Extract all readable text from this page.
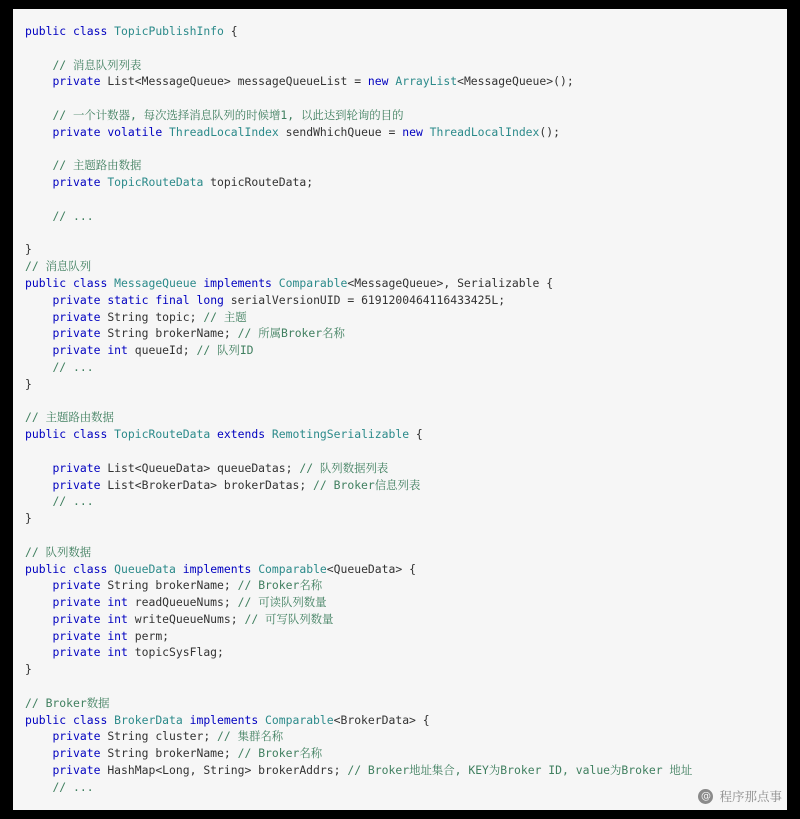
public class TopicPublishInfo {

// 消息队列列表
private List<MessageQueue> messageQueueList = new ArrayList<MessageQueue>();

// 一个计数器, 每次选择消息队列的时候增1, 以此达到轮询的目的
private volatile ThreadLocalIndex sendWhichQueue = new ThreadLocalIndex();

// 主题路由数据
private TopicRouteData topicRouteData;

// ...

}
// 消息队列
public class MessageQueue implements Comparable<MessageQueue>, Serializable {
private static final long serialVersionUID = 6191200464116433425L;
private String topic; // 主题
private String brokerName; // 所属Broker名称
private int queueId; // 队列ID
// ...
}

// 主题路由数据
public class TopicRouteData extends RemotingSerializable {

private List<QueueData> queueDatas; // 队列数据列表
private List<BrokerData> brokerDatas; // Broker信息列表
// ...
}

// 队列数据
public class QueueData implements Comparable<QueueData> {
private String brokerName; // Broker名称
private int readQueueNums; // 可读队列数量
private int writeQueueNums; // 可写队列数量
private int perm;
private int topicSysFlag;
}

// Broker数据
public class BrokerData implements Comparable<BrokerData> {
private String cluster; // 集群名称
private String brokerName; // Broker名称
private HashMap<Long, String> brokerAddrs; // Broker地址集合, KEY为Broker ID, value为Broker 地址
// ...
@ 程序那点事
